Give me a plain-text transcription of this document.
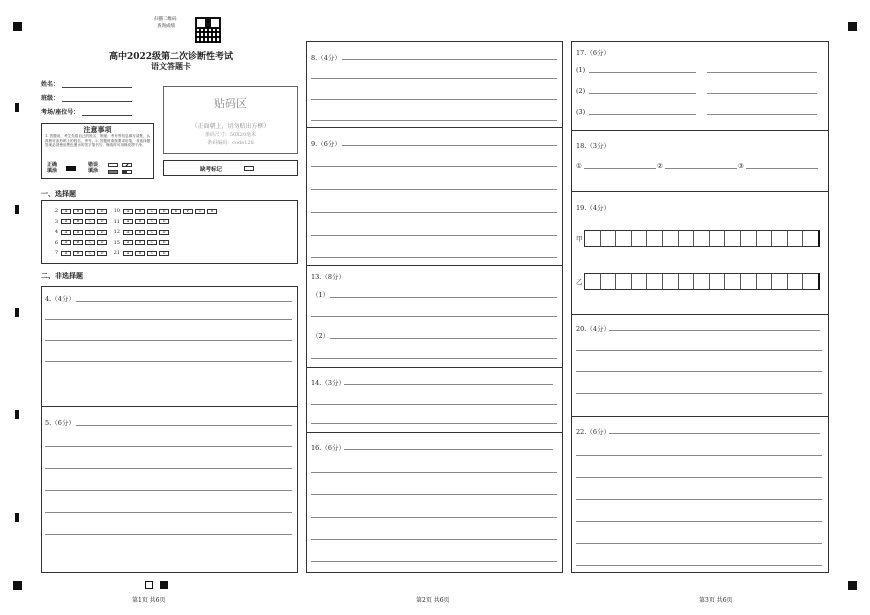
扫描二维码
查询成绩
高中2022级第二次诊断性考试
语文答题卡
姓名：
班级：
考场/座位号：
注意事项
1. 答题前，考生先将自己的姓名、班级、考号等信息填写清楚，认真核对条形码上的姓名、考号。2. 答题时请按要求用笔，非选择题答案必须使用黑色墨水的签字笔书写，修改时可用橡皮擦干净。
正确
填涂
错误
填涂
贴码区
（正面朝上，切勿贴出方框）
条码尺寸：50X20毫米
条码编码：code128
缺考标记
一、选择题
2 A	B	C	D
3 A	B	C	D
4 A	B	C	D
6 A	B	C	D
7 A	B	C	D
10 A	B	C	D	E	F	G	H
11 A	B	C	D
12 A	B	C	D
15 A	B	C	D
21 A	B	C	D
二、非选择题
4.（4分）
5.（6分）
第1页 共6页
8.（4分）
9.（6分）
13.（8分）
（1）
（2）
14.（3分）
16.（6分）
第2页 共6页
17.（6分）
(1)
(2)
(3)
18.（3分）
①	②	③
19.（4分）
甲
乙
20.（4分）
22.（6分）
第3页 共6页
